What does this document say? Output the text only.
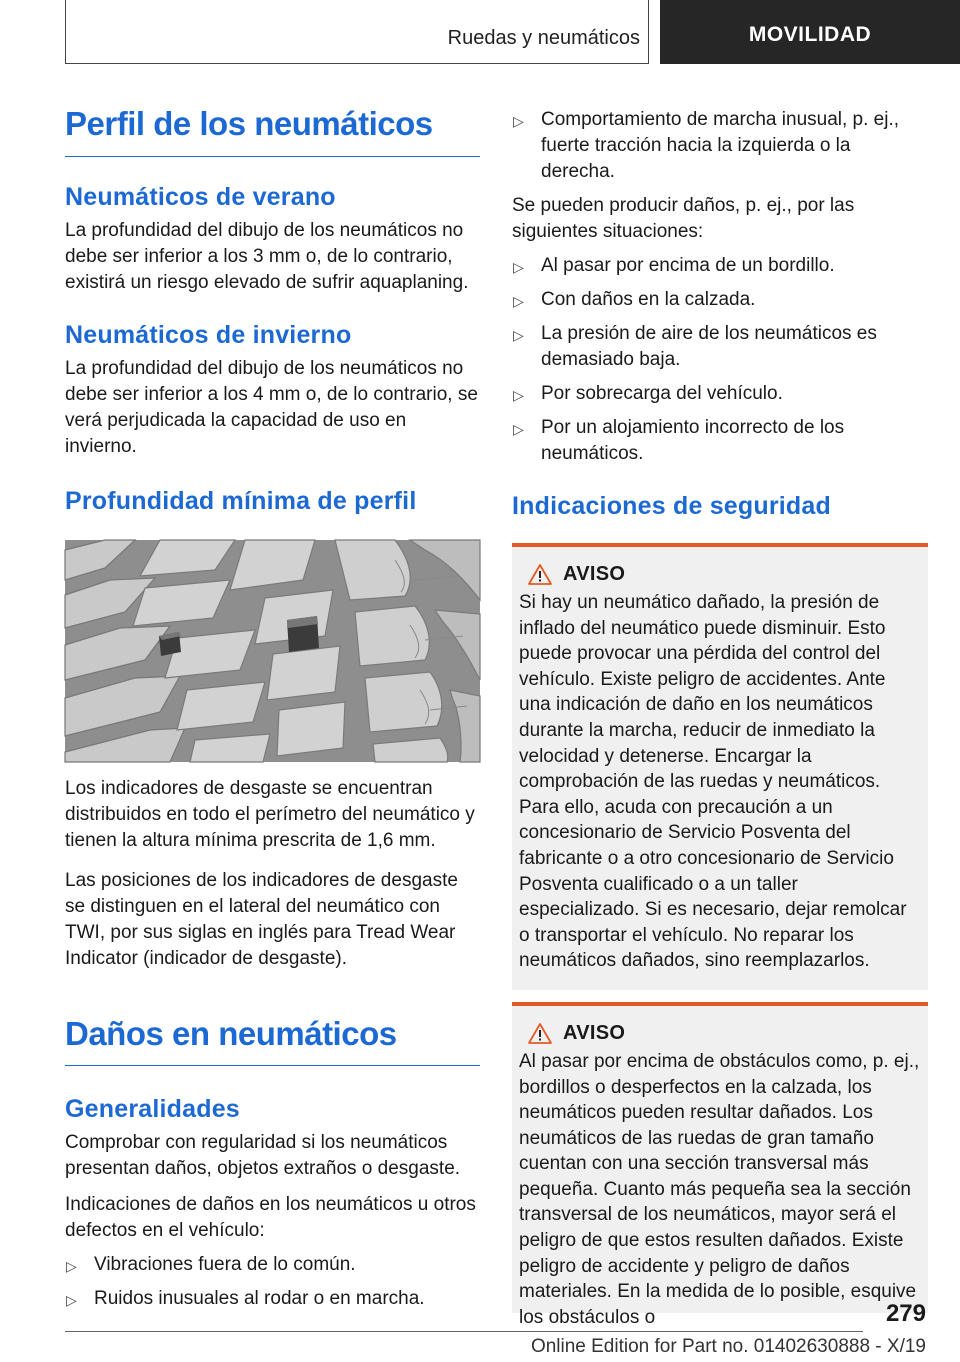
Ruedas y neumáticos	MOVILIDAD
Perfil de los neumáticos
Neumáticos de verano

La profundidad del dibujo de los neumáticos no debe ser inferior a los 3 mm o, de lo contrario, existirá un riesgo elevado de sufrir aquaplaning.

Neumáticos de invierno

La profundidad del dibujo de los neumáticos no debe ser inferior a los 4 mm o, de lo contrario, se verá perjudicada la capacidad de uso en invierno.

Profundidad mínima de perfil

Los indicadores de desgaste se encuentran distribuidos en todo el perímetro del neumático y tienen la altura mínima prescrita de 1,6 mm.

Las posiciones de los indicadores de desgaste se distinguen en el lateral del neumático con TWI, por sus siglas en inglés para Tread Wear Indicator (indicador de desgaste).

Daños en neumáticos
Generalidades

Comprobar con regularidad si los neumáticos presentan daños, objetos extraños o desgaste.

Indicaciones de daños en los neumáticos u otros defectos en el vehículo:

▷ Vibraciones fuera de lo común.
▷ Ruidos inusuales al rodar o en marcha.
▷ Comportamiento de marcha inusual, p. ej., fuerte tracción hacia la izquierda o la derecha.

Se pueden producir daños, p. ej., por las siguientes situaciones:

▷ Al pasar por encima de un bordillo.
▷ Con daños en la calzada.
▷ La presión de aire de los neumáticos es demasiado baja.
▷ Por sobrecarga del vehículo.
▷ Por un alojamiento incorrecto de los neumáticos.
Indicaciones de seguridad
AVISO

Si hay un neumático dañado, la presión de inflado del neumático puede disminuir. Esto puede provocar una pérdida del control del vehículo. Existe peligro de accidentes. Ante una indicación de daño en los neumáticos durante la marcha, reducir de inmediato la velocidad y detenerse. Encargar la comprobación de las ruedas y neumáticos. Para ello, acuda con precaución a un concesionario de Servicio Posventa del fabricante o a otro concesionario de Servicio Posventa cualificado o a un taller especializado. Si es necesario, dejar remolcar o transportar el vehículo. No reparar los neumáticos dañados, sino reemplazarlos.

AVISO

Al pasar por encima de obstáculos como, p. ej., bordillos o desperfectos en la calzada, los neumáticos pueden resultar dañados. Los neumáticos de las ruedas de gran tamaño cuentan con una sección transversal más pequeña. Cuanto más pequeña sea la sección transversal de los neumáticos, mayor será el peligro de que estos resulten dañados. Existe peligro de accidente y peligro de daños materiales. En la medida de lo posible, esquive los obstáculos o	279
Online Edition for Part no. 01402630888 - X/19
